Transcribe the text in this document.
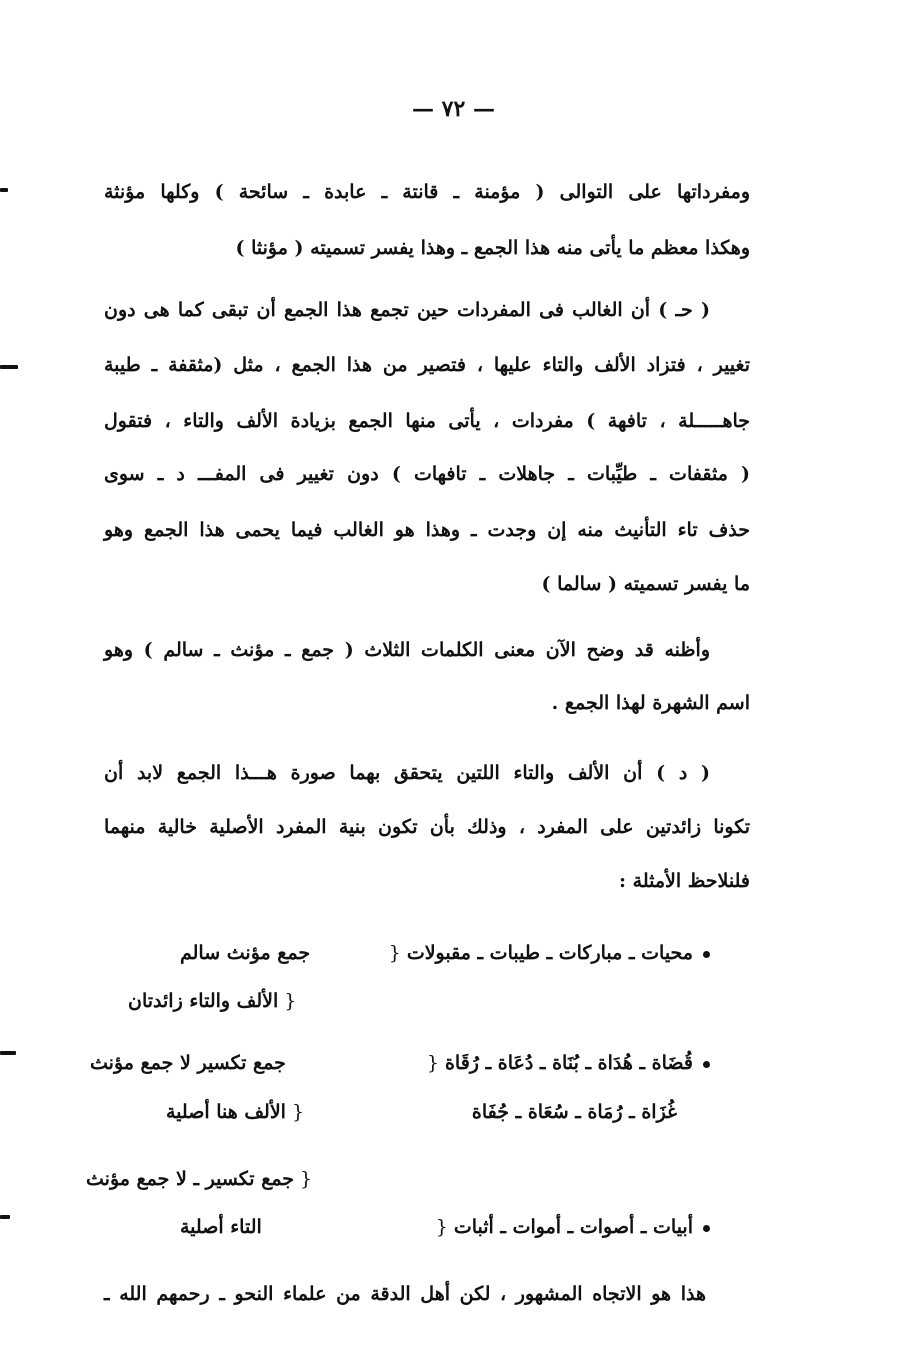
— ٧٢ —
ومفرداتها على التوالى ( مؤمنة ـ قانتة ـ عابدة ـ سائحة ) وكلها مؤنثة
وهكذا معظم ما يأتى منه هذا الجمع ـ وهذا يفسر تسميته ( مؤنثا )
( حـ ) أن الغالب فى المفردات حين تجمع هذا الجمع أن تبقى كما هى دون
تغيير ، فتزاد الألف والتاء عليها ، فتصير من هذا الجمع ، مثل (مثقفة ـ طيبة
جاهـــــلة ، تافهة ) مفردات ، يأتى منها الجمع بزيادة الألف والتاء ، فتقول
( مثقفات ـ طيِّبات ـ جاهلات ـ تافهات ) دون تغيير فى المفـــ د ـ سوى
حذف تاء التأنيث منه إن وجدت ـ وهذا هو الغالب فيما يحمى هذا الجمع وهو
ما يفسر تسميته ( سالما )
وأظنه قد وضح الآن معنى الكلمات الثلاث ( جمع ـ مؤنث ـ سالم ) وهو
اسم الشهرة لهذا الجمع .
( د ) أن الألف والتاء اللتين يتحقق بهما صورة هـــذا الجمع لابد أن
تكونا زائدتين على المفرد ، وذلك بأن تكون بنية المفرد الأصلية خالية منهما
فلنلاحظ الأمثلة :
محيات ـ مباركات ـ طيبات ـ مقبولات{
جمع مؤنث سالم
{الألف والتاء زائدتان
قُضَاة ـ هُدَاة ـ بُنَاة ـ دُعَاة ـ رُقَاة{
جمع تكسير لا جمع مؤنث
غُزَاة ـ رُمَاة ـ سُعَاة ـ جُفَاة
{الألف هنا أصلية
{جمع تكسير ـ لا جمع مؤنث
أبيات ـ أصوات ـ أموات ـ أثبات{
التاء أصلية
هذا هو الاتجاه المشهور ، لكن أهل الدقة من علماء النحو ـ رحمهم الله ـ
